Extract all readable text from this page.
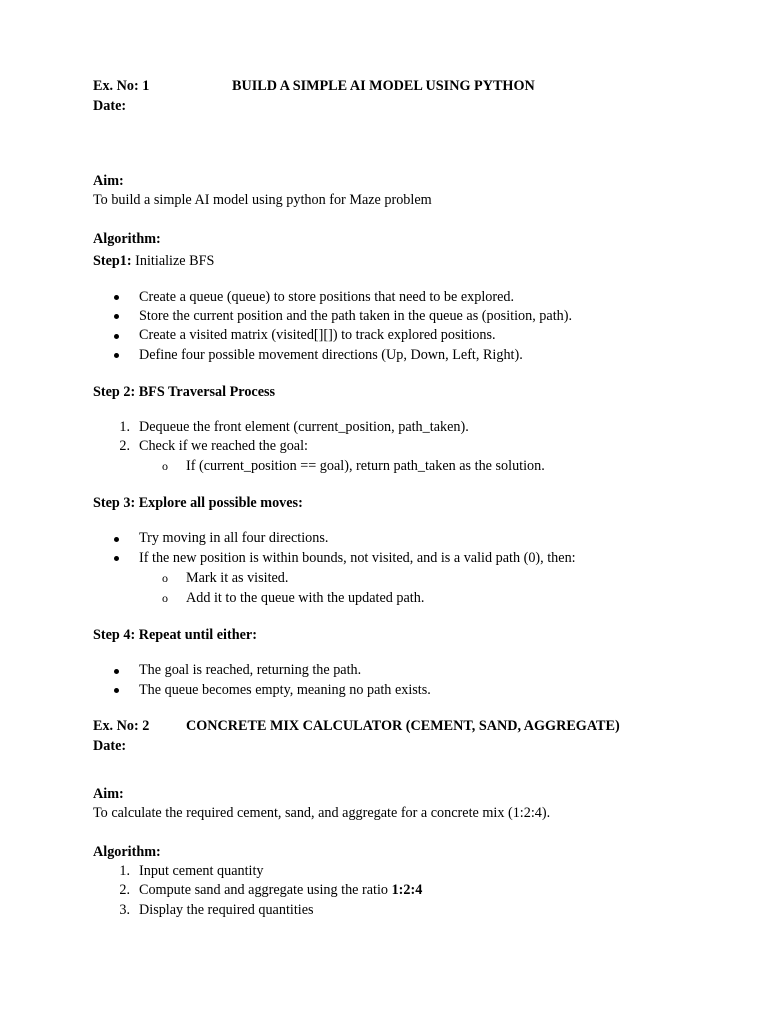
Ex. No: 1	BUILD A SIMPLE AI MODEL USING PYTHON
Date:
Aim:
To build a simple AI model using python for Maze problem
Algorithm:
Step1: Initialize BFS
Create a queue (queue) to store positions that need to be explored.
Store the current position and the path taken in the queue as (position, path).
Create a visited matrix (visited[][]) to track explored positions.
Define four possible movement directions (Up, Down, Left, Right).
Step 2: BFS Traversal Process
1. Dequeue the front element (current_position, path_taken).
2. Check if we reached the goal:
o If (current_position == goal), return path_taken as the solution.
Step 3: Explore all possible moves:
Try moving in all four directions.
If the new position is within bounds, not visited, and is a valid path (0), then:
o Mark it as visited.
o Add it to the queue with the updated path.
Step 4: Repeat until either:
The goal is reached, returning the path.
The queue becomes empty, meaning no path exists.
Ex. No: 2	CONCRETE MIX CALCULATOR (CEMENT, SAND, AGGREGATE)
Date:
Aim:
To calculate the required cement, sand, and aggregate for a concrete mix (1:2:4).
Algorithm:
1. Input cement quantity
2. Compute sand and aggregate using the ratio 1:2:4
3. Display the required quantities
